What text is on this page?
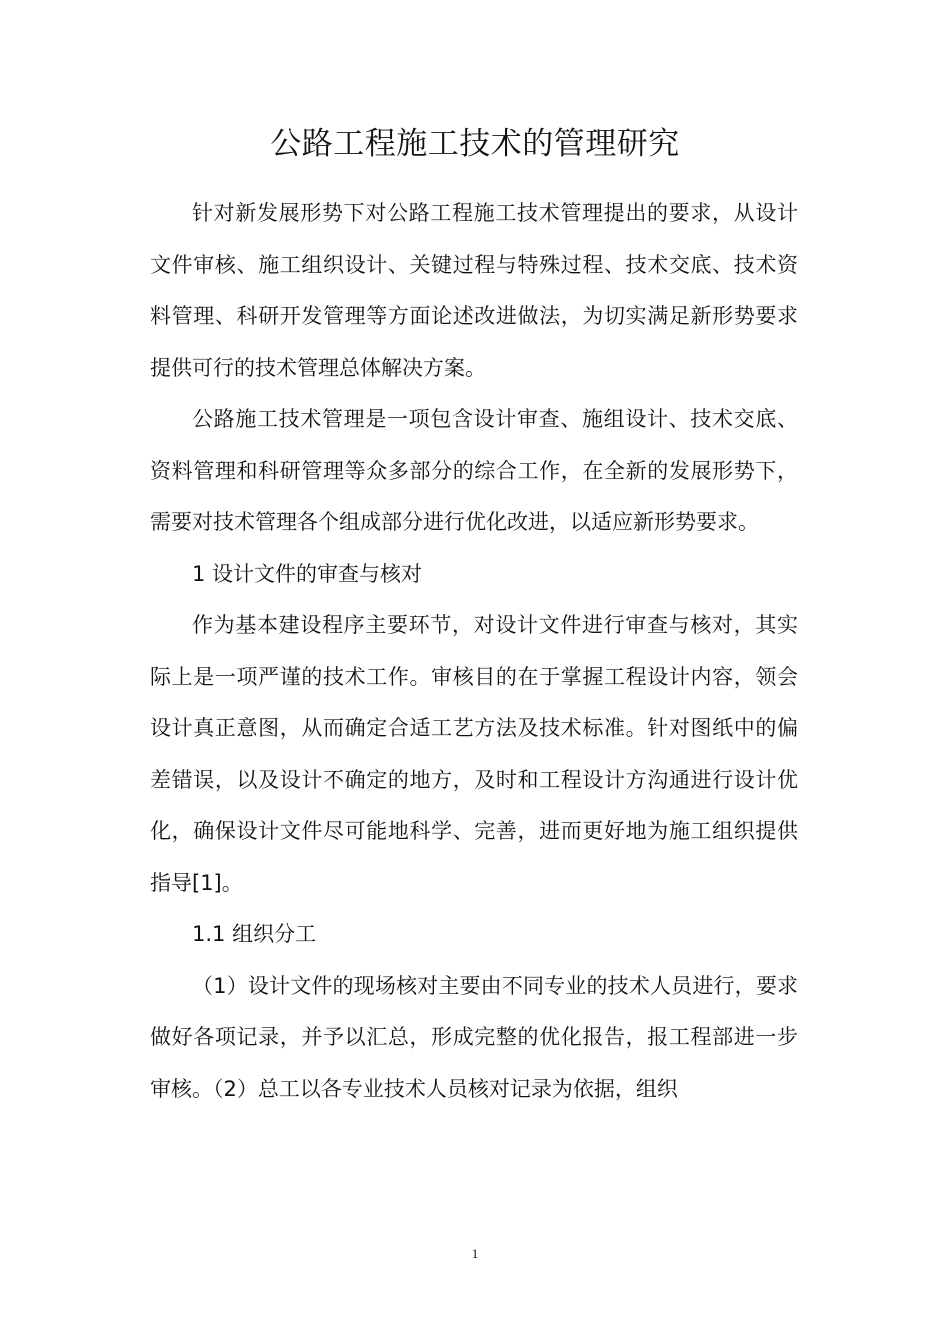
公路工程施工技术的管理研究

针对新发展形势下对公路工程施工技术管理提出的要求，从设计文件审核、施工组织设计、关键过程与特殊过程、技术交底、技术资料管理、科研开发管理等方面论述改进做法，为切实满足新形势要求提供可行的技术管理总体解决方案。

公路施工技术管理是一项包含设计审查、施组设计、技术交底、资料管理和科研管理等众多部分的综合工作，在全新的发展形势下，需要对技术管理各个组成部分进行优化改进，以适应新形势要求。

1 设计文件的审查与核对

作为基本建设程序主要环节，对设计文件进行审查与核对，其实际上是一项严谨的技术工作。审核目的在于掌握工程设计内容，领会设计真正意图，从而确定合适工艺方法及技术标准。针对图纸中的偏差错误，以及设计不确定的地方，及时和工程设计方沟通进行设计优化，确保设计文件尽可能地科学、完善，进而更好地为施工组织提供指导[1]。

1.1 组织分工

（1）设计文件的现场核对主要由不同专业的技术人员进行，要求做好各项记录，并予以汇总，形成完整的优化报告，报工程部进一步审核。（2）总工以各专业技术人员核对记录为依据，组织

1
